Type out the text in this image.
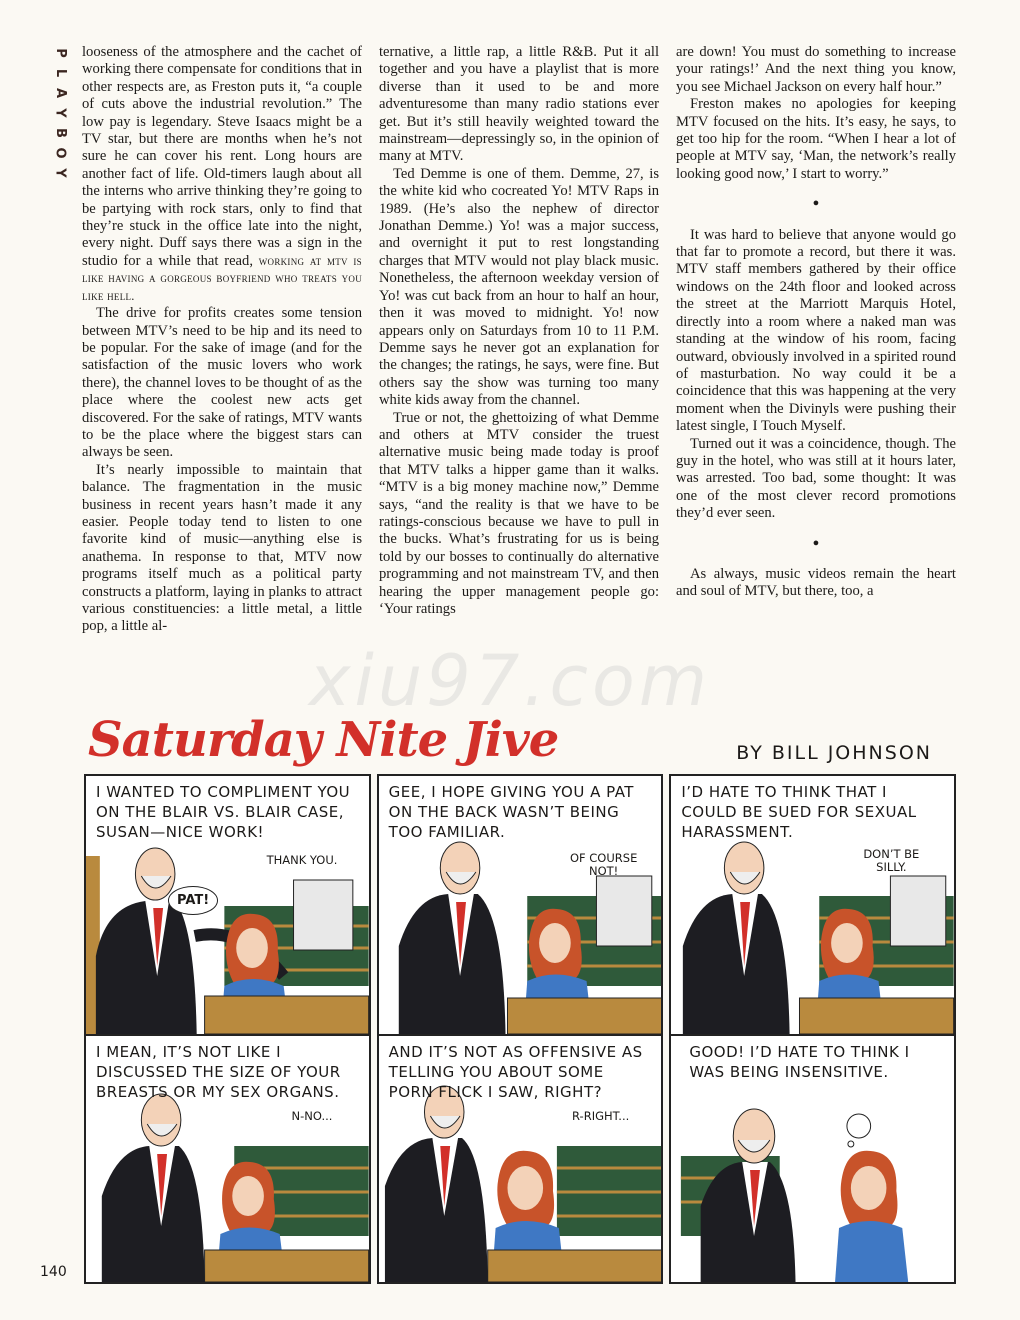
P
L
A
Y
B
O
Y

looseness of the atmosphere and the cachet of working there compensate for conditions that in other respects are, as Freston puts it, “a couple of cuts above the industrial revolution.” The low pay is legendary. Steve Isaacs might be a TV star, but there are months when he’s not sure he can cover his rent. Long hours are another fact of life. Old-timers laugh about all the interns who arrive thinking they’re going to be partying with rock stars, only to find that they’re stuck in the office late into the night, every night. Duff says there was a sign in the studio for a while that read, working at mtv is like having a gorgeous boyfriend who treats you like hell.

The drive for profits creates some tension between MTV’s need to be hip and its need to be popular. For the sake of image (and for the satisfaction of the music lovers who work there), the channel loves to be thought of as the place where the coolest new acts get discovered. For the sake of ratings, MTV wants to be the place where the biggest stars can always be seen.

It’s nearly impossible to maintain that balance. The fragmentation in the music business in recent years hasn’t made it any easier. People today tend to listen to one favorite kind of music—anything else is anathema. In response to that, MTV now programs itself much as a political party constructs a platform, laying in planks to attract various constituencies: a little metal, a little pop, a little al-

ternative, a little rap, a little R&B. Put it all together and you have a playlist that is more diverse than it used to be and more adventuresome than many radio stations ever get. But it’s still heavily weighted toward the mainstream—depressingly so, in the opinion of many at MTV.

Ted Demme is one of them. Demme, 27, is the white kid who cocreated Yo! MTV Raps in 1989. (He’s also the nephew of director Jonathan Demme.) Yo! was a major success, and overnight it put to rest longstanding charges that MTV would not play black music. Nonetheless, the afternoon weekday version of Yo! was cut back from an hour to half an hour, then it was moved to midnight. Yo! now appears only on Saturdays from 10 to 11 P.M. Demme says he never got an explanation for the changes; the ratings, he says, were fine. But others say the show was turning too many white kids away from the channel.

True or not, the ghettoizing of what Demme and others at MTV consider the truest alternative music being made today is proof that MTV talks a hipper game than it walks. “MTV is a big money machine now,” Demme says, “and the reality is that we have to be ratings-conscious because we have to pull in the bucks. What’s frustrating for us is being told by our bosses to continually do alternative programming and not mainstream TV, and then hearing the upper management people go: ‘Your ratings

are down! You must do something to increase your ratings!’ And the next thing you know, you see Michael Jackson on every half hour.”

Freston makes no apologies for keeping MTV focused on the hits. It’s easy, he says, to get too hip for the room. “When I hear a lot of people at MTV say, ‘Man, the network’s really looking good now,’ I start to worry.”

●

It was hard to believe that anyone would go that far to promote a record, but there it was. MTV staff members gathered by their office windows on the 24th floor and looked across the street at the Marriott Marquis Hotel, directly into a room where a naked man was standing at the window of his room, facing outward, obviously involved in a spirited round of masturbation. No way could it be a coincidence that this was happening at the very moment when the Divinyls were pushing their latest single, I Touch Myself.

Turned out it was a coincidence, though. The guy in the hotel, who was still at it hours later, was arrested. Too bad, some thought: It was one of the most clever record promotions they’d ever seen.

●

As always, music videos remain the heart and soul of MTV, but there, too, a

xiu97.com
Saturday Nite Jive	BY BILL JOHNSON
I WANTED TO COMPLIMENT YOU ON THE BLAIR VS. BLAIR CASE, SUSAN—NICE WORK!
THANK YOU.
PAT!
GEE, I HOPE GIVING YOU A PAT ON THE BACK WASN’T BEING TOO FAMILIAR.
OF COURSE NOT!
I’D HATE TO THINK THAT I COULD BE SUED FOR SEXUAL HARASSMENT.
DON’T BE SILLY.
I MEAN, IT’S NOT LIKE I DISCUSSED THE SIZE OF YOUR BREASTS OR MY SEX ORGANS.
N-NO...
AND IT’S NOT AS OFFENSIVE AS TELLING YOU ABOUT SOME PORN FLICK I SAW, RIGHT?
R-RIGHT...
GOOD! I’D HATE TO THINK I WAS BEING INSENSITIVE.
140
